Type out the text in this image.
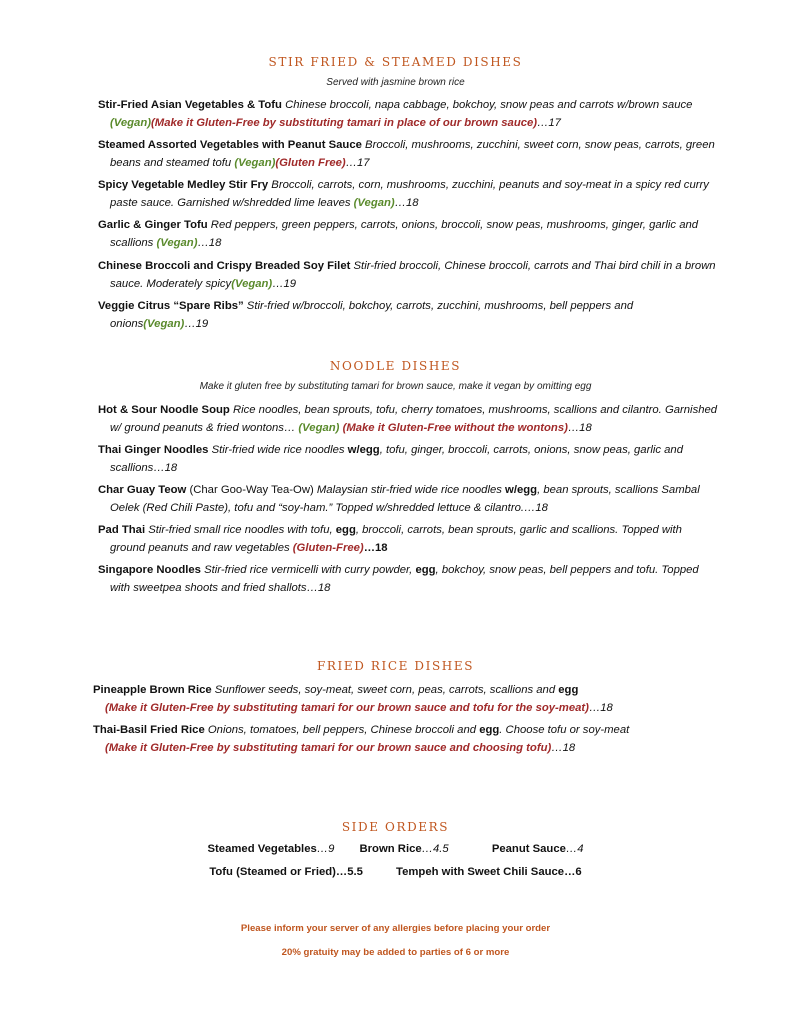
STIR FRIED & STEAMED DISHES
Served with jasmine brown rice
Stir-Fried Asian Vegetables & Tofu Chinese broccoli, napa cabbage, bokchoy, snow peas and carrots w/brown sauce (Vegan)(Make it Gluten-Free by substituting tamari in place of our brown sauce)…17
Steamed Assorted Vegetables with Peanut Sauce Broccoli, mushrooms, zucchini, sweet corn, snow peas, carrots, green beans and steamed tofu (Vegan)(Gluten Free)…17
Spicy Vegetable Medley Stir Fry Broccoli, carrots, corn, mushrooms, zucchini, peanuts and soy-meat in a spicy red curry paste sauce. Garnished w/shredded lime leaves (Vegan)…18
Garlic & Ginger Tofu Red peppers, green peppers, carrots, onions, broccoli, snow peas, mushrooms, ginger, garlic and scallions (Vegan)…18
Chinese Broccoli and Crispy Breaded Soy Filet Stir-fried broccoli, Chinese broccoli, carrots and Thai bird chili in a brown sauce. Moderately spicy(Vegan)…19
Veggie Citrus “Spare Ribs” Stir-fried w/broccoli, bokchoy, carrots, zucchini, mushrooms, bell peppers and onions(Vegan)…19
NOODLE DISHES
Make it gluten free by substituting tamari for brown sauce, make it vegan by omitting egg
Hot & Sour Noodle Soup Rice noodles, bean sprouts, tofu, cherry tomatoes, mushrooms, scallions and cilantro. Garnished w/ ground peanuts & fried wontons… (Vegan) (Make it Gluten-Free without the wontons)…18
Thai Ginger Noodles Stir-fried wide rice noodles w/egg, tofu, ginger, broccoli, carrots, onions, snow peas, garlic and scallions…18
Char Guay Teow (Char Goo-Way Tea-Ow) Malaysian stir-fried wide rice noodles w/egg, bean sprouts, scallions Sambal Oelek (Red Chili Paste), tofu and “soy-ham.” Topped w/shredded lettuce & cilantro.…18
Pad Thai Stir-fried small rice noodles with tofu, egg, broccoli, carrots, bean sprouts, garlic and scallions. Topped with ground peanuts and raw vegetables (Gluten-Free)…18
Singapore Noodles Stir-fried rice vermicelli with curry powder, egg, bokchoy, snow peas, bell peppers and tofu. Topped with sweetpea shoots and fried shallots…18
FRIED RICE DISHES
Pineapple Brown Rice Sunflower seeds, soy-meat, sweet corn, peas, carrots, scallions and egg
(Make it Gluten-Free by substituting tamari for our brown sauce and tofu for the soy-meat)…18
Thai-Basil Fried Rice Onions, tomatoes, bell peppers, Chinese broccoli and egg. Choose tofu or soy-meat
(Make it Gluten-Free by substituting tamari for our brown sauce and choosing tofu)…18
SIDE ORDERS
Steamed Vegetables…9 Brown Rice…4.5	Peanut Sauce…4
Tofu (Steamed or Fried)…5.5	Tempeh with Sweet Chili Sauce…6
Please inform your server of any allergies before placing your order
20% gratuity may be added to parties of 6 or more
